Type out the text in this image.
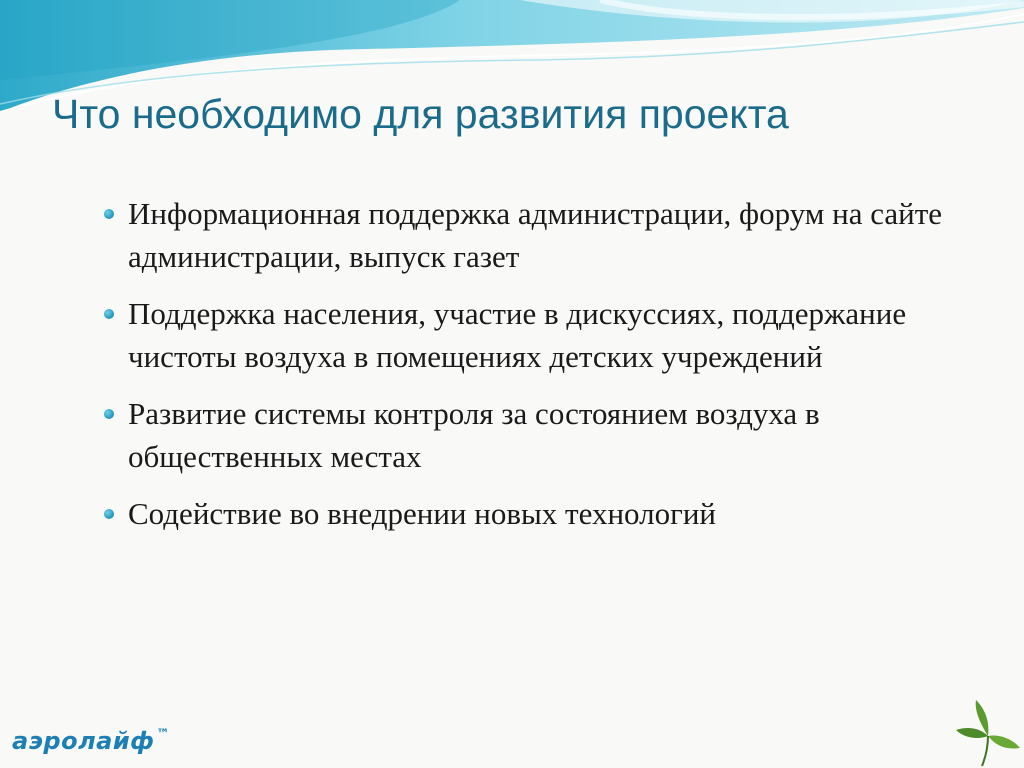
Что необходимо для развития проекта
Информационная поддержка администрации, форум на сайте администрации, выпуск газет
Поддержка населения, участие в дискуссиях, поддержание чистоты воздуха в помещениях детских учреждений
Развитие системы контроля за состоянием воздуха в общественных местах
Содействие во внедрении новых технологий
аэролайф ™
